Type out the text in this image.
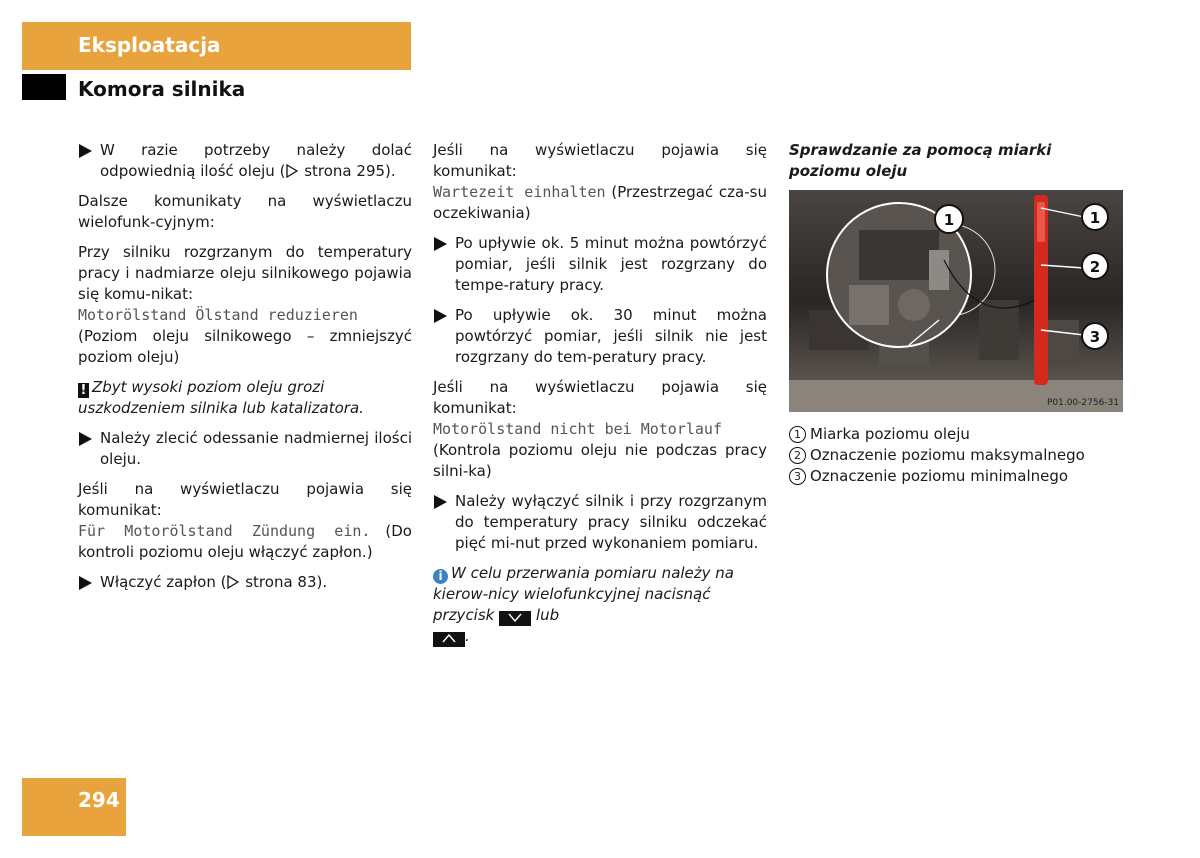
Eksploatacja
Komora silnika
W razie potrzeby należy dolać odpowiednią ilość oleju ( strona 295).

Dalsze komunikaty na wyświetlaczu wielofunk-cyjnym:

Przy silniku rozgrzanym do temperatury pracy i nadmiarze oleju silnikowego pojawia się komu-nikat:
Motorölstand Ölstand reduzieren
(Poziom oleju silnikowego – zmniejszyć poziom oleju)

! Zbyt wysoki poziom oleju grozi uszkodzeniem silnika lub katalizatora.

Należy zlecić odessanie nadmiernej ilości oleju.

Jeśli na wyświetlaczu pojawia się komunikat:
Für Motorölstand Zündung ein. (Do kontroli poziomu oleju włączyć zapłon.)

Włączyć zapłon ( strona 83).

Jeśli na wyświetlaczu pojawia się komunikat:
Wartezeit einhalten (Przestrzegać cza-su oczekiwania)

Po upływie ok. 5 minut można powtórzyć pomiar, jeśli silnik jest rozgrzany do tempe-ratury pracy.
Po upływie ok. 30 minut można powtórzyć pomiar, jeśli silnik nie jest rozgrzany do tem-peratury pracy.

Jeśli na wyświetlaczu pojawia się komunikat:
Motorölstand nicht bei Motorlauf
(Kontrola poziomu oleju nie podczas pracy silni-ka)

Należy wyłączyć silnik i przy rozgrzanym do temperatury pracy silniku odczekać pięć mi-nut przed wykonaniem pomiaru.

i W celu przerwania pomiaru należy na kierow-nicy wielofunkcyjnej nacisnąć przycisk	lub
.

Sprawdzanie za pomocą miarki poziomu oleju

1	1
2
3
P01.00-2756-31
1 Miarka poziomu oleju
2 Oznaczenie poziomu maksymalnego
3 Oznaczenie poziomu minimalnego
294
